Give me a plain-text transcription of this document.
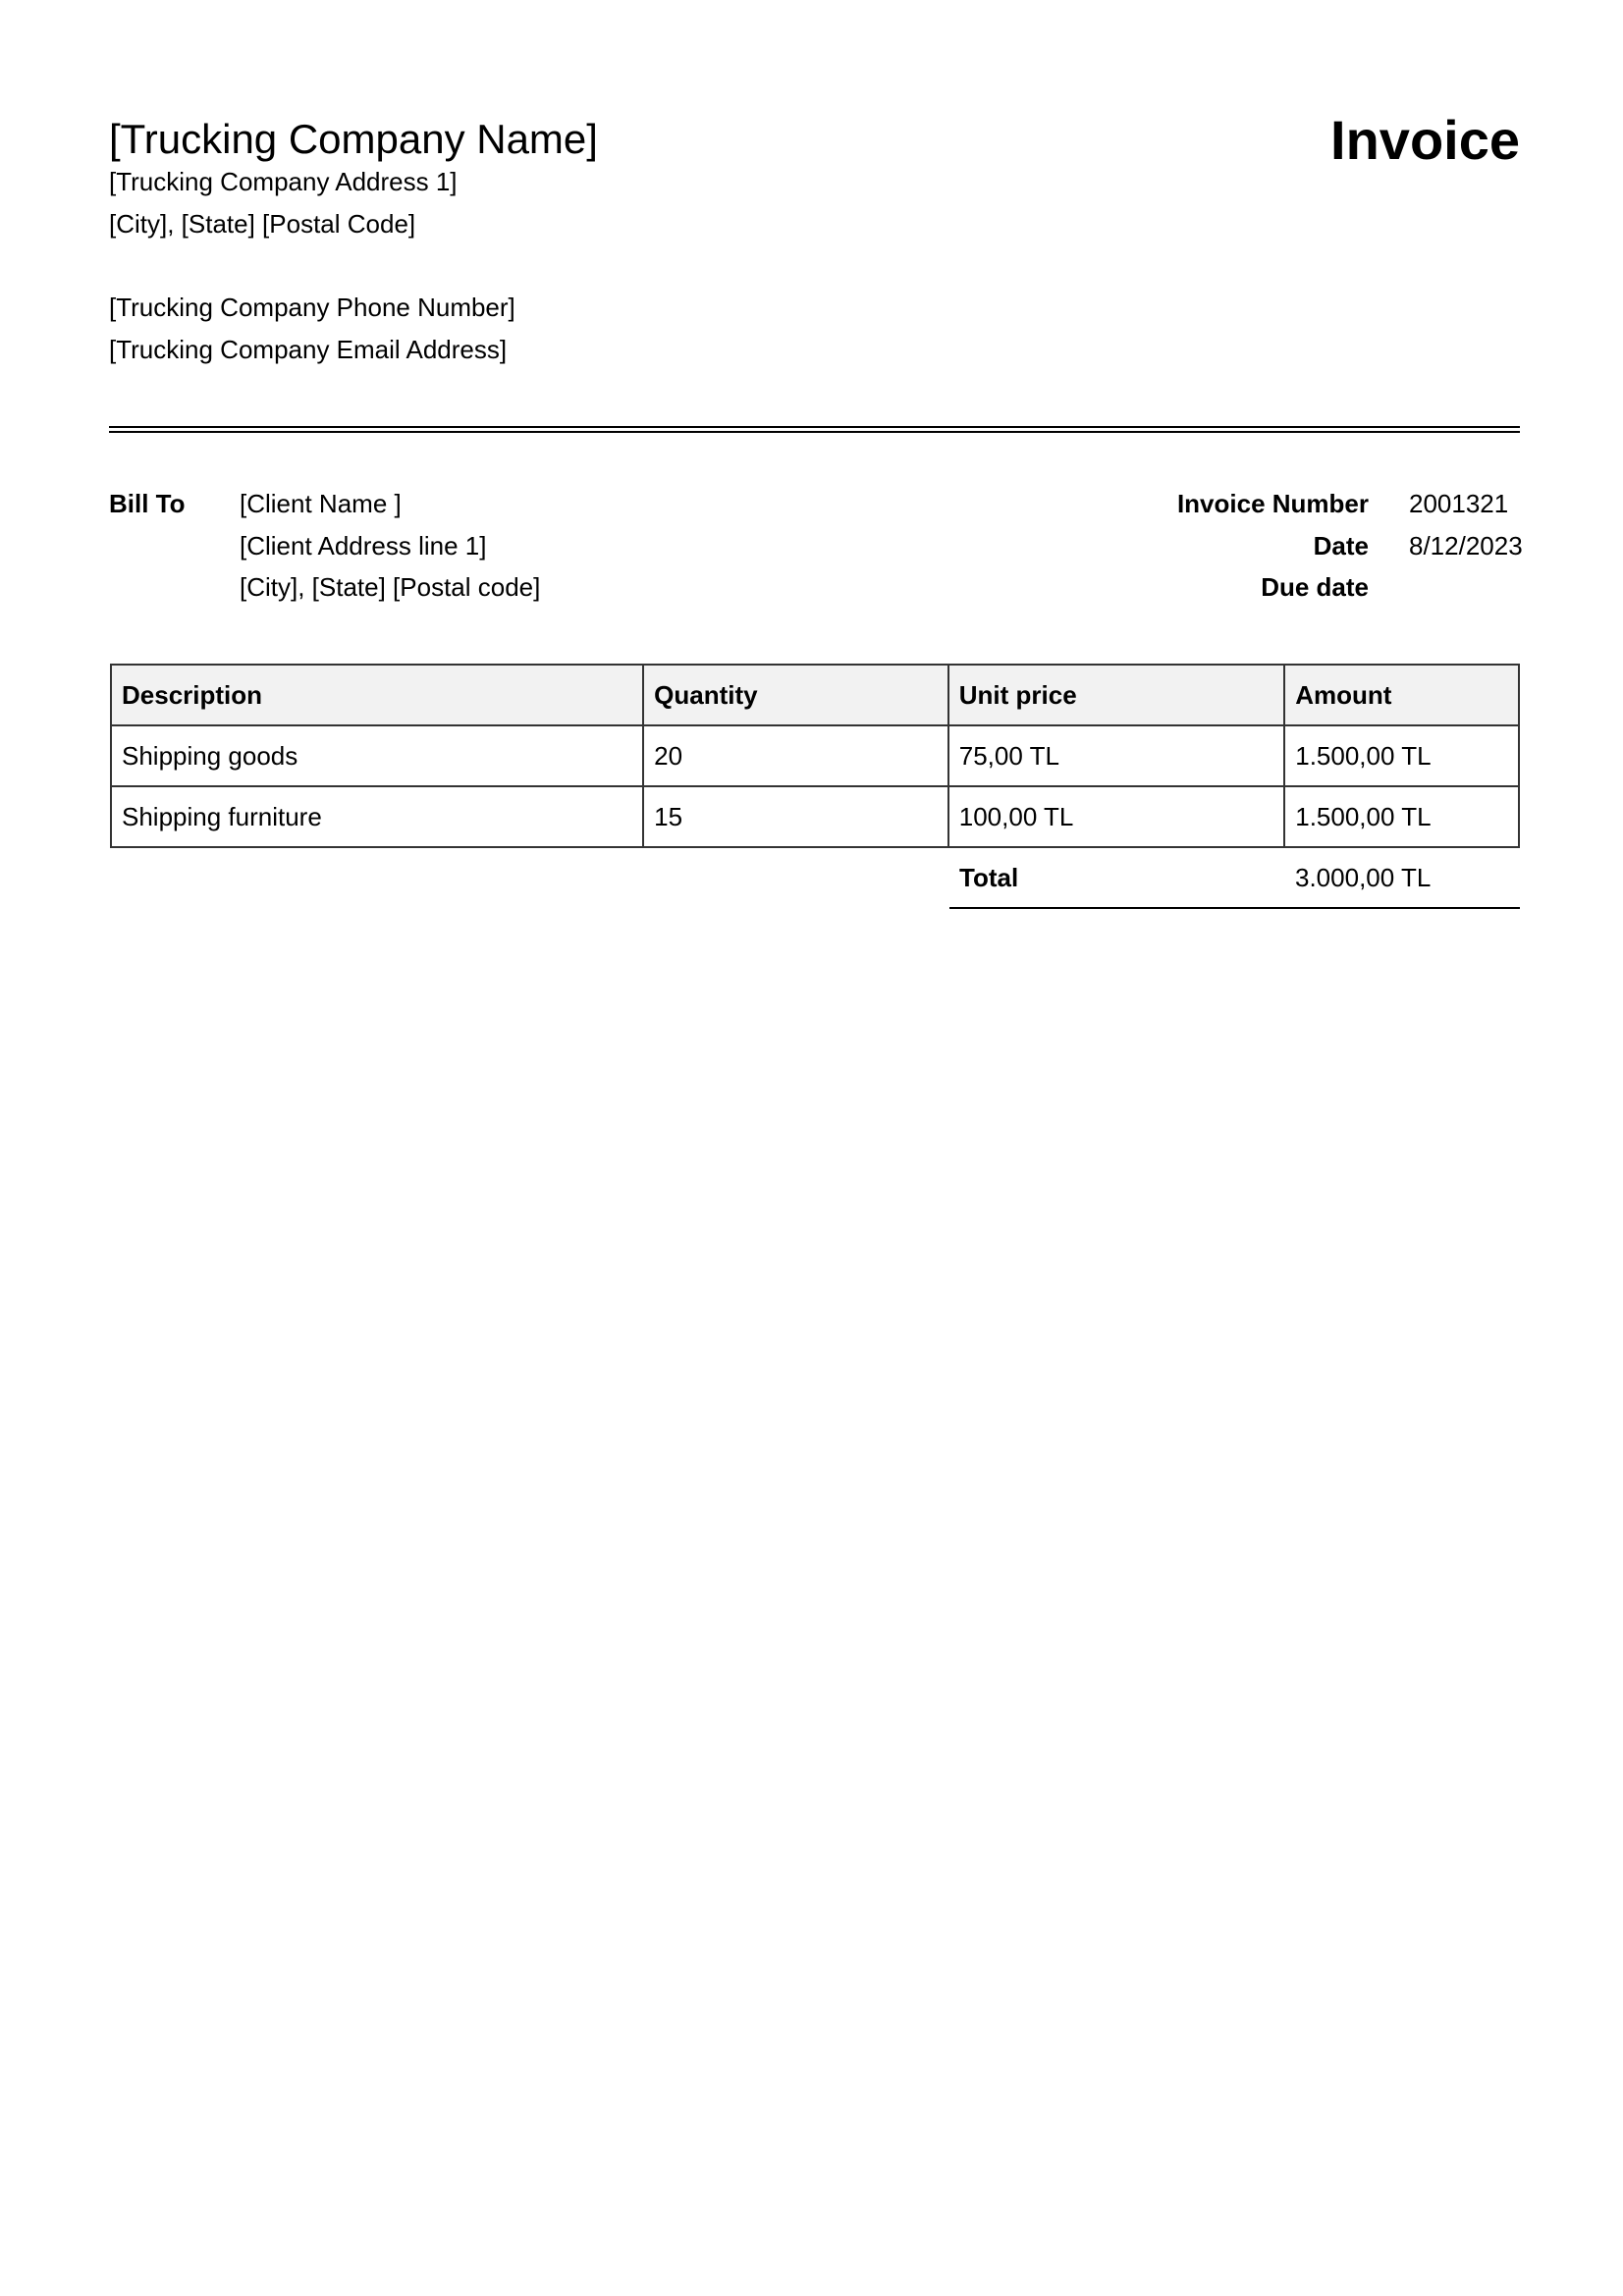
[Trucking Company Name]
[Trucking Company Address 1]
[City], [State] [Postal Code]
[Trucking Company Phone Number]
[Trucking Company Email Address]
Invoice
Bill To [Client Name ]
[Client Address line 1]
[City], [State] [Postal code]
Invoice Number 2001321
Date 8/12/2023
Due date
Description	Quantity	Unit price	Amount
Shipping goods	20	75,00 TL	1.500,00 TL
Shipping furniture	15	100,00 TL	1.500,00 TL
Total	3.000,00 TL
